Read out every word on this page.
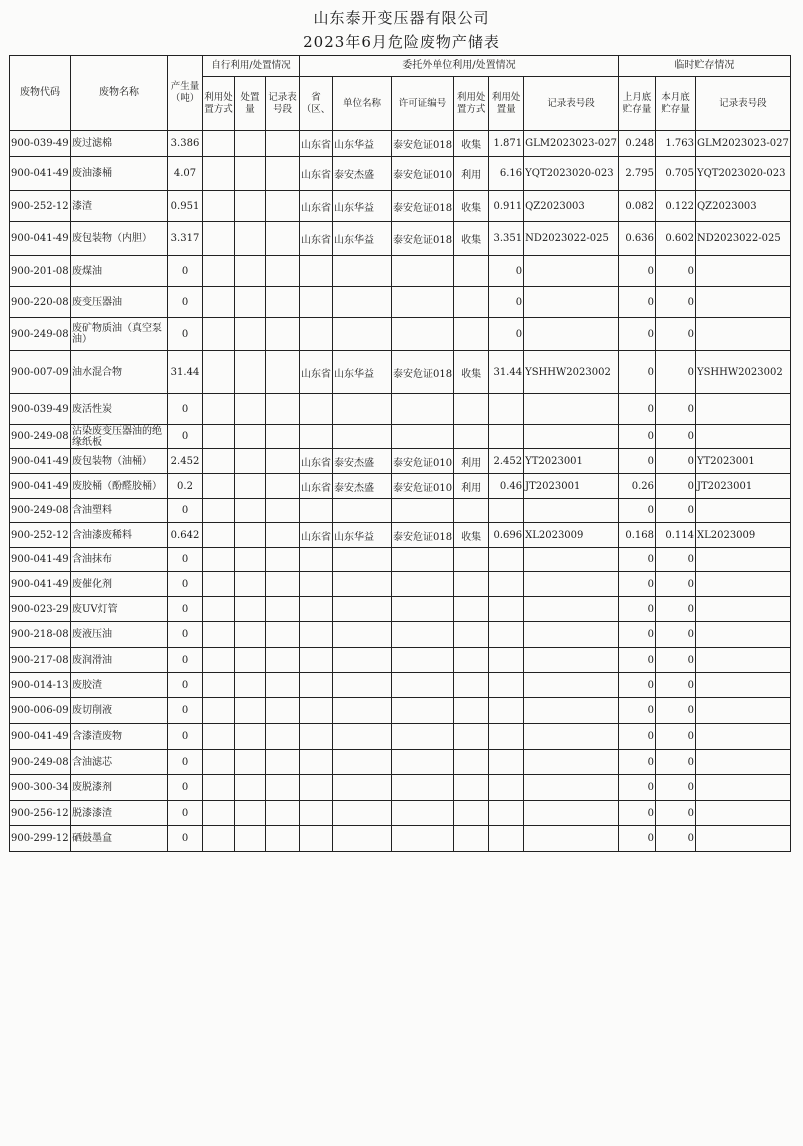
山东泰开变压器有限公司
2023年6月危险废物产储表
废物代码	废物名称	产生量（吨）	自行利用/处置情况			委托外单位利用/处置情况						临时贮存情况		
			利用处置方式	处置量	记录表号段	省（区、	单位名称	许可证编号	利用处置方式	利用处置量	记录表号段	上月底贮存量	本月底贮存量	记录表号段
900-039-49	废过滤棉	3.386				山东省	山东华益	泰安危证018	收集	1.871	GLM2023023-027	0.248	1.763	GLM2023023-027
900-041-49	废油漆桶	4.07				山东省	泰安杰盛	泰安危证010	利用	6.16	YQT2023020-023	2.795	0.705	YQT2023020-023
900-252-12	漆渣	0.951				山东省	山东华益	泰安危证018	收集	0.911	QZ2023003	0.082	0.122	QZ2023003
900-041-49	废包装物（内胆）	3.317				山东省	山东华益	泰安危证018	收集	3.351	ND2023022-025	0.636	0.602	ND2023022-025
900-201-08	废煤油	0								0		0	0	
900-220-08	废变压器油	0								0		0	0	
900-249-08	废矿物质油（真空泵油）	0								0		0	0	
900-007-09	油水混合物	31.44				山东省	山东华益	泰安危证018	收集	31.44	YSHHW2023002	0	0	YSHHW2023002
900-039-49	废活性炭	0										0	0	
900-249-08	沾染废变压器油的绝缘纸板	0										0	0	
900-041-49	废包装物（油桶）	2.452				山东省	泰安杰盛	泰安危证010	利用	2.452	YT2023001	0	0	YT2023001
900-041-49	废胶桶（酚醛胶桶）	0.2				山东省	泰安杰盛	泰安危证010	利用	0.46	JT2023001	0.26	0	JT2023001
900-249-08	含油塑料	0										0	0	
900-252-12	含油漆废稀料	0.642				山东省	山东华益	泰安危证018	收集	0.696	XL2023009	0.168	0.114	XL2023009
900-041-49	含油抹布	0										0	0	
900-041-49	废催化剂	0										0	0	
900-023-29	废UV灯管	0										0	0	
900-218-08	废液压油	0										0	0	
900-217-08	废润滑油	0										0	0	
900-014-13	废胶渣	0										0	0	
900-006-09	废切削液	0										0	0	
900-041-49	含漆渣废物	0										0	0	
900-249-08	含油滤芯	0										0	0	
900-300-34	废脱漆剂	0										0	0	
900-256-12	脱漆漆渣	0										0	0	
900-299-12	硒鼓墨盒	0										0	0	
